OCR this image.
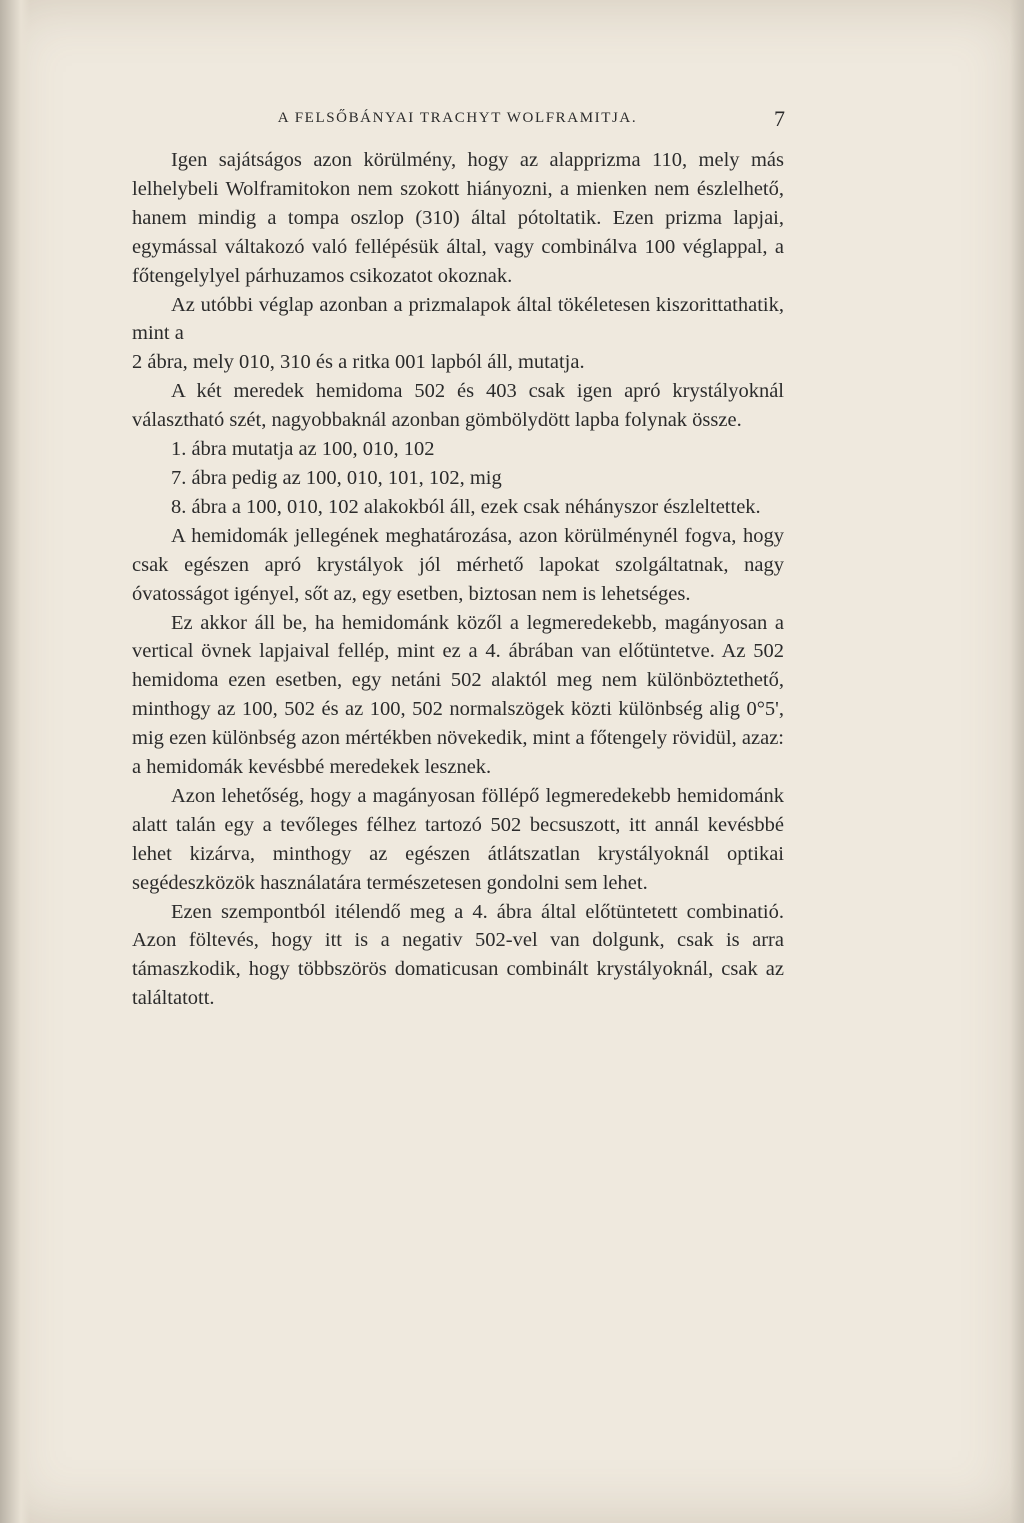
A FELSŐBÁNYAI TRACHYT WOLFRAMITJA.	7

Igen sajátságos azon körülmény, hogy az alapprizma 110, mely más lelhelybeli Wolframitokon nem szokott hiányozni, a mienken nem észlelhető, hanem mindig a tompa oszlop (310) által pótoltatik. Ezen prizma lapjai, egymással váltakozó való fellépésük által, vagy combinálva 100 véglappal, a főtengelylyel párhuzamos csikozatot okoznak.

Az utóbbi véglap azonban a prizmalapok által tökéletesen kiszorittathatik, mint a

2 ábra, mely 010, 310 és a ritka 001 lapból áll, mutatja.

A két meredek hemidoma 502 és 403 csak igen apró krystályoknál választható szét, nagyobbaknál azonban gömbölydött lapba folynak össze.

1. ábra mutatja az 100, 010, 102

7. ábra pedig az 100, 010, 101, 102, mig

8. ábra a 100, 010, 102 alakokból áll, ezek csak néhányszor észleltettek.

A hemidomák jellegének meghatározása, azon körülménynél fogva, hogy csak egészen apró krystályok jól mérhető lapokat szolgáltatnak, nagy óvatosságot igényel, sőt az, egy esetben, biztosan nem is lehetséges.

Ez akkor áll be, ha hemidománk közől a legmeredekebb, magányosan a vertical övnek lapjaival fellép, mint ez a 4. ábrában van előtüntetve. Az 502 hemidoma ezen esetben, egy netáni 502 alaktól meg nem különböztethető, minthogy az 100, 502 és az 100, 502 normalszögek közti különbség alig 0°5', mig ezen különbség azon mértékben növekedik, mint a főtengely rövidül, azaz: a hemidomák kevésbbé meredekek lesznek.

Azon lehetőség, hogy a magányosan föllépő legmeredekebb hemidománk alatt talán egy a tevőleges félhez tartozó 502 becsuszott, itt annál kevésbbé lehet kizárva, minthogy az egészen átlátszatlan krystályoknál optikai segédeszközök használatára természetesen gondolni sem lehet.

Ezen szempontból itélendő meg a 4. ábra által előtüntetett combinatió. Azon föltevés, hogy itt is a negativ 502-vel van dolgunk, csak is arra támaszkodik, hogy többszörös domaticusan combinált krystályoknál, csak az találtatott.
